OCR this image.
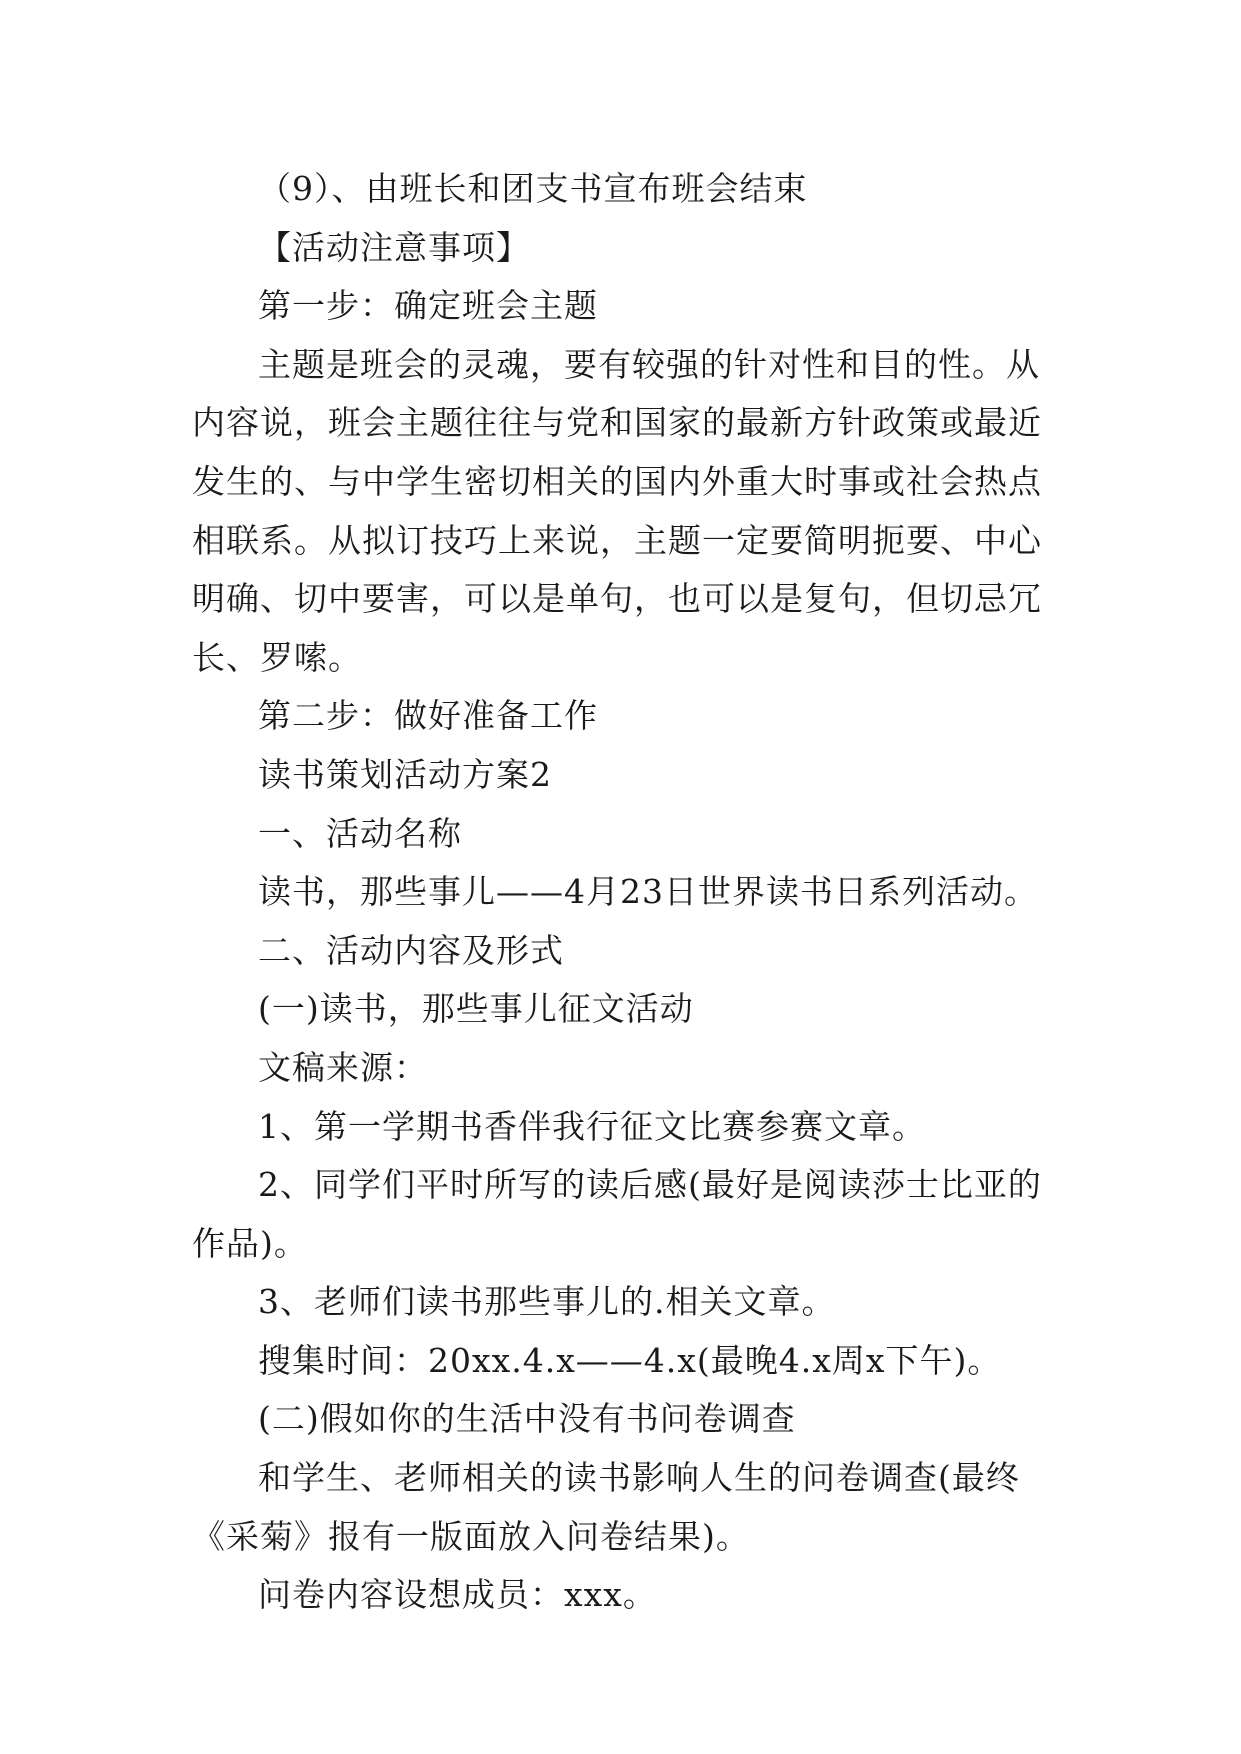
（9）、由班长和团支书宣布班会结束

【活动注意事项】

第一步：确定班会主题

主题是班会的灵魂，要有较强的针对性和目的性。从内容说，班会主题往往与党和国家的最新方针政策或最近发生的、与中学生密切相关的国内外重大时事或社会热点相联系。从拟订技巧上来说，主题一定要简明扼要、中心明确、切中要害，可以是单句，也可以是复句，但切忌冗长、罗嗦。

第二步：做好准备工作

读书策划活动方案2

一、活动名称

读书，那些事儿——4月23日世界读书日系列活动。

二、活动内容及形式

(一)读书，那些事儿征文活动

文稿来源：

1、第一学期书香伴我行征文比赛参赛文章。

2、同学们平时所写的读后感(最好是阅读莎士比亚的作品)。

3、老师们读书那些事儿的.相关文章。

搜集时间：20xx.4.x——4.x(最晚4.x周x下午)。

(二)假如你的生活中没有书问卷调查

和学生、老师相关的读书影响人生的问卷调查(最终《采菊》报有一版面放入问卷结果)。

问卷内容设想成员：xxx。
